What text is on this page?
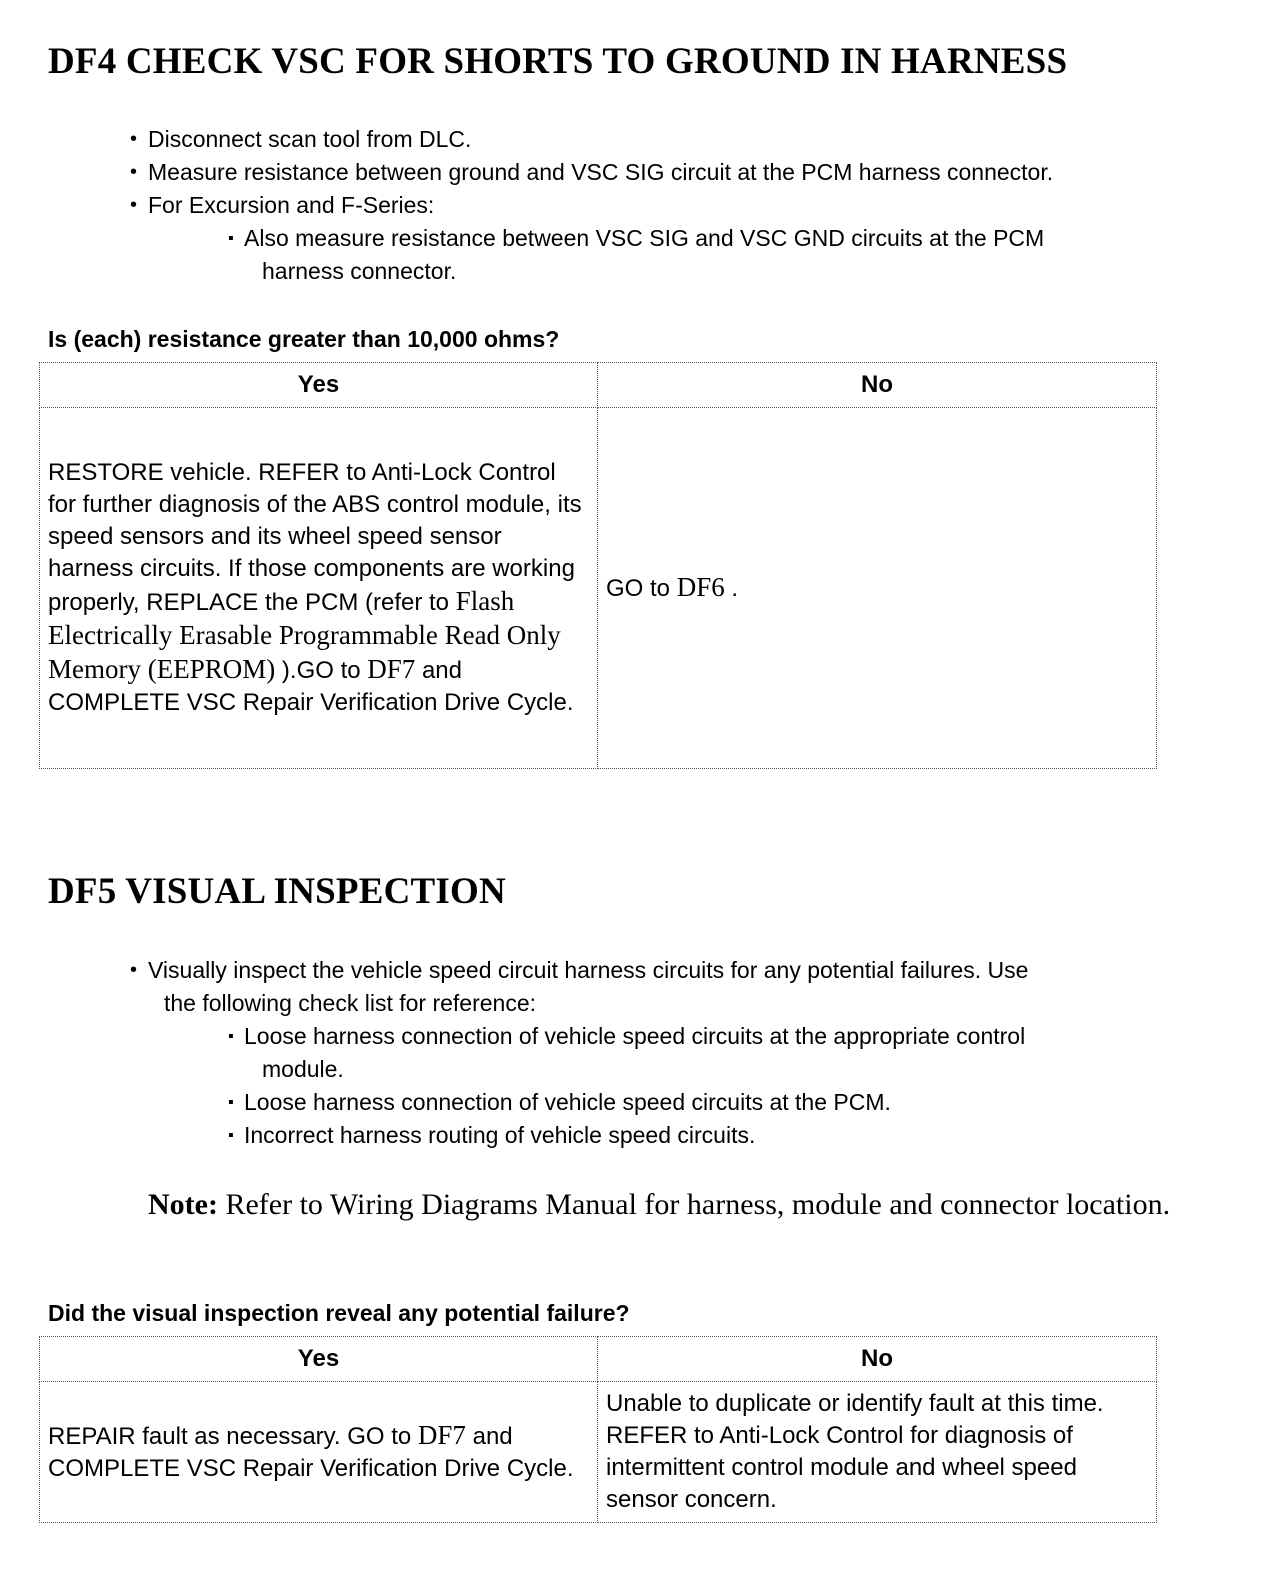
DF4 CHECK VSC FOR SHORTS TO GROUND IN HARNESS
• Disconnect scan tool from DLC.
• Measure resistance between ground and VSC SIG circuit at the PCM harness connector.
• For Excursion and F-Series:
▪ Also measure resistance between VSC SIG and VSC GND circuits at the PCM
harness connector.

Is (each) resistance greater than 10,000 ohms?

Yes	No
RESTORE vehicle. REFER to Anti-Lock Control for further diagnosis of the ABS control module, its speed sensors and its wheel speed sensor harness circuits. If those components are working properly, REPLACE the PCM (refer to Flash Electrically Erasable Programmable Read Only Memory (EEPROM) ).GO to DF7 and COMPLETE VSC Repair Verification Drive Cycle.	GO to DF6 .
DF5 VISUAL INSPECTION
• Visually inspect the vehicle speed circuit harness circuits for any potential failures. Use
the following check list for reference:
▪ Loose harness connection of vehicle speed circuits at the appropriate control
module.
▪ Loose harness connection of vehicle speed circuits at the PCM.
▪ Incorrect harness routing of vehicle speed circuits.

Note: Refer to Wiring Diagrams Manual for harness, module and connector location.

Did the visual inspection reveal any potential failure?

Yes	No
REPAIR fault as necessary. GO to DF7 and COMPLETE VSC Repair Verification Drive Cycle.	Unable to duplicate or identify fault at this time. REFER to Anti-Lock Control for diagnosis of intermittent control module and wheel speed sensor concern.
